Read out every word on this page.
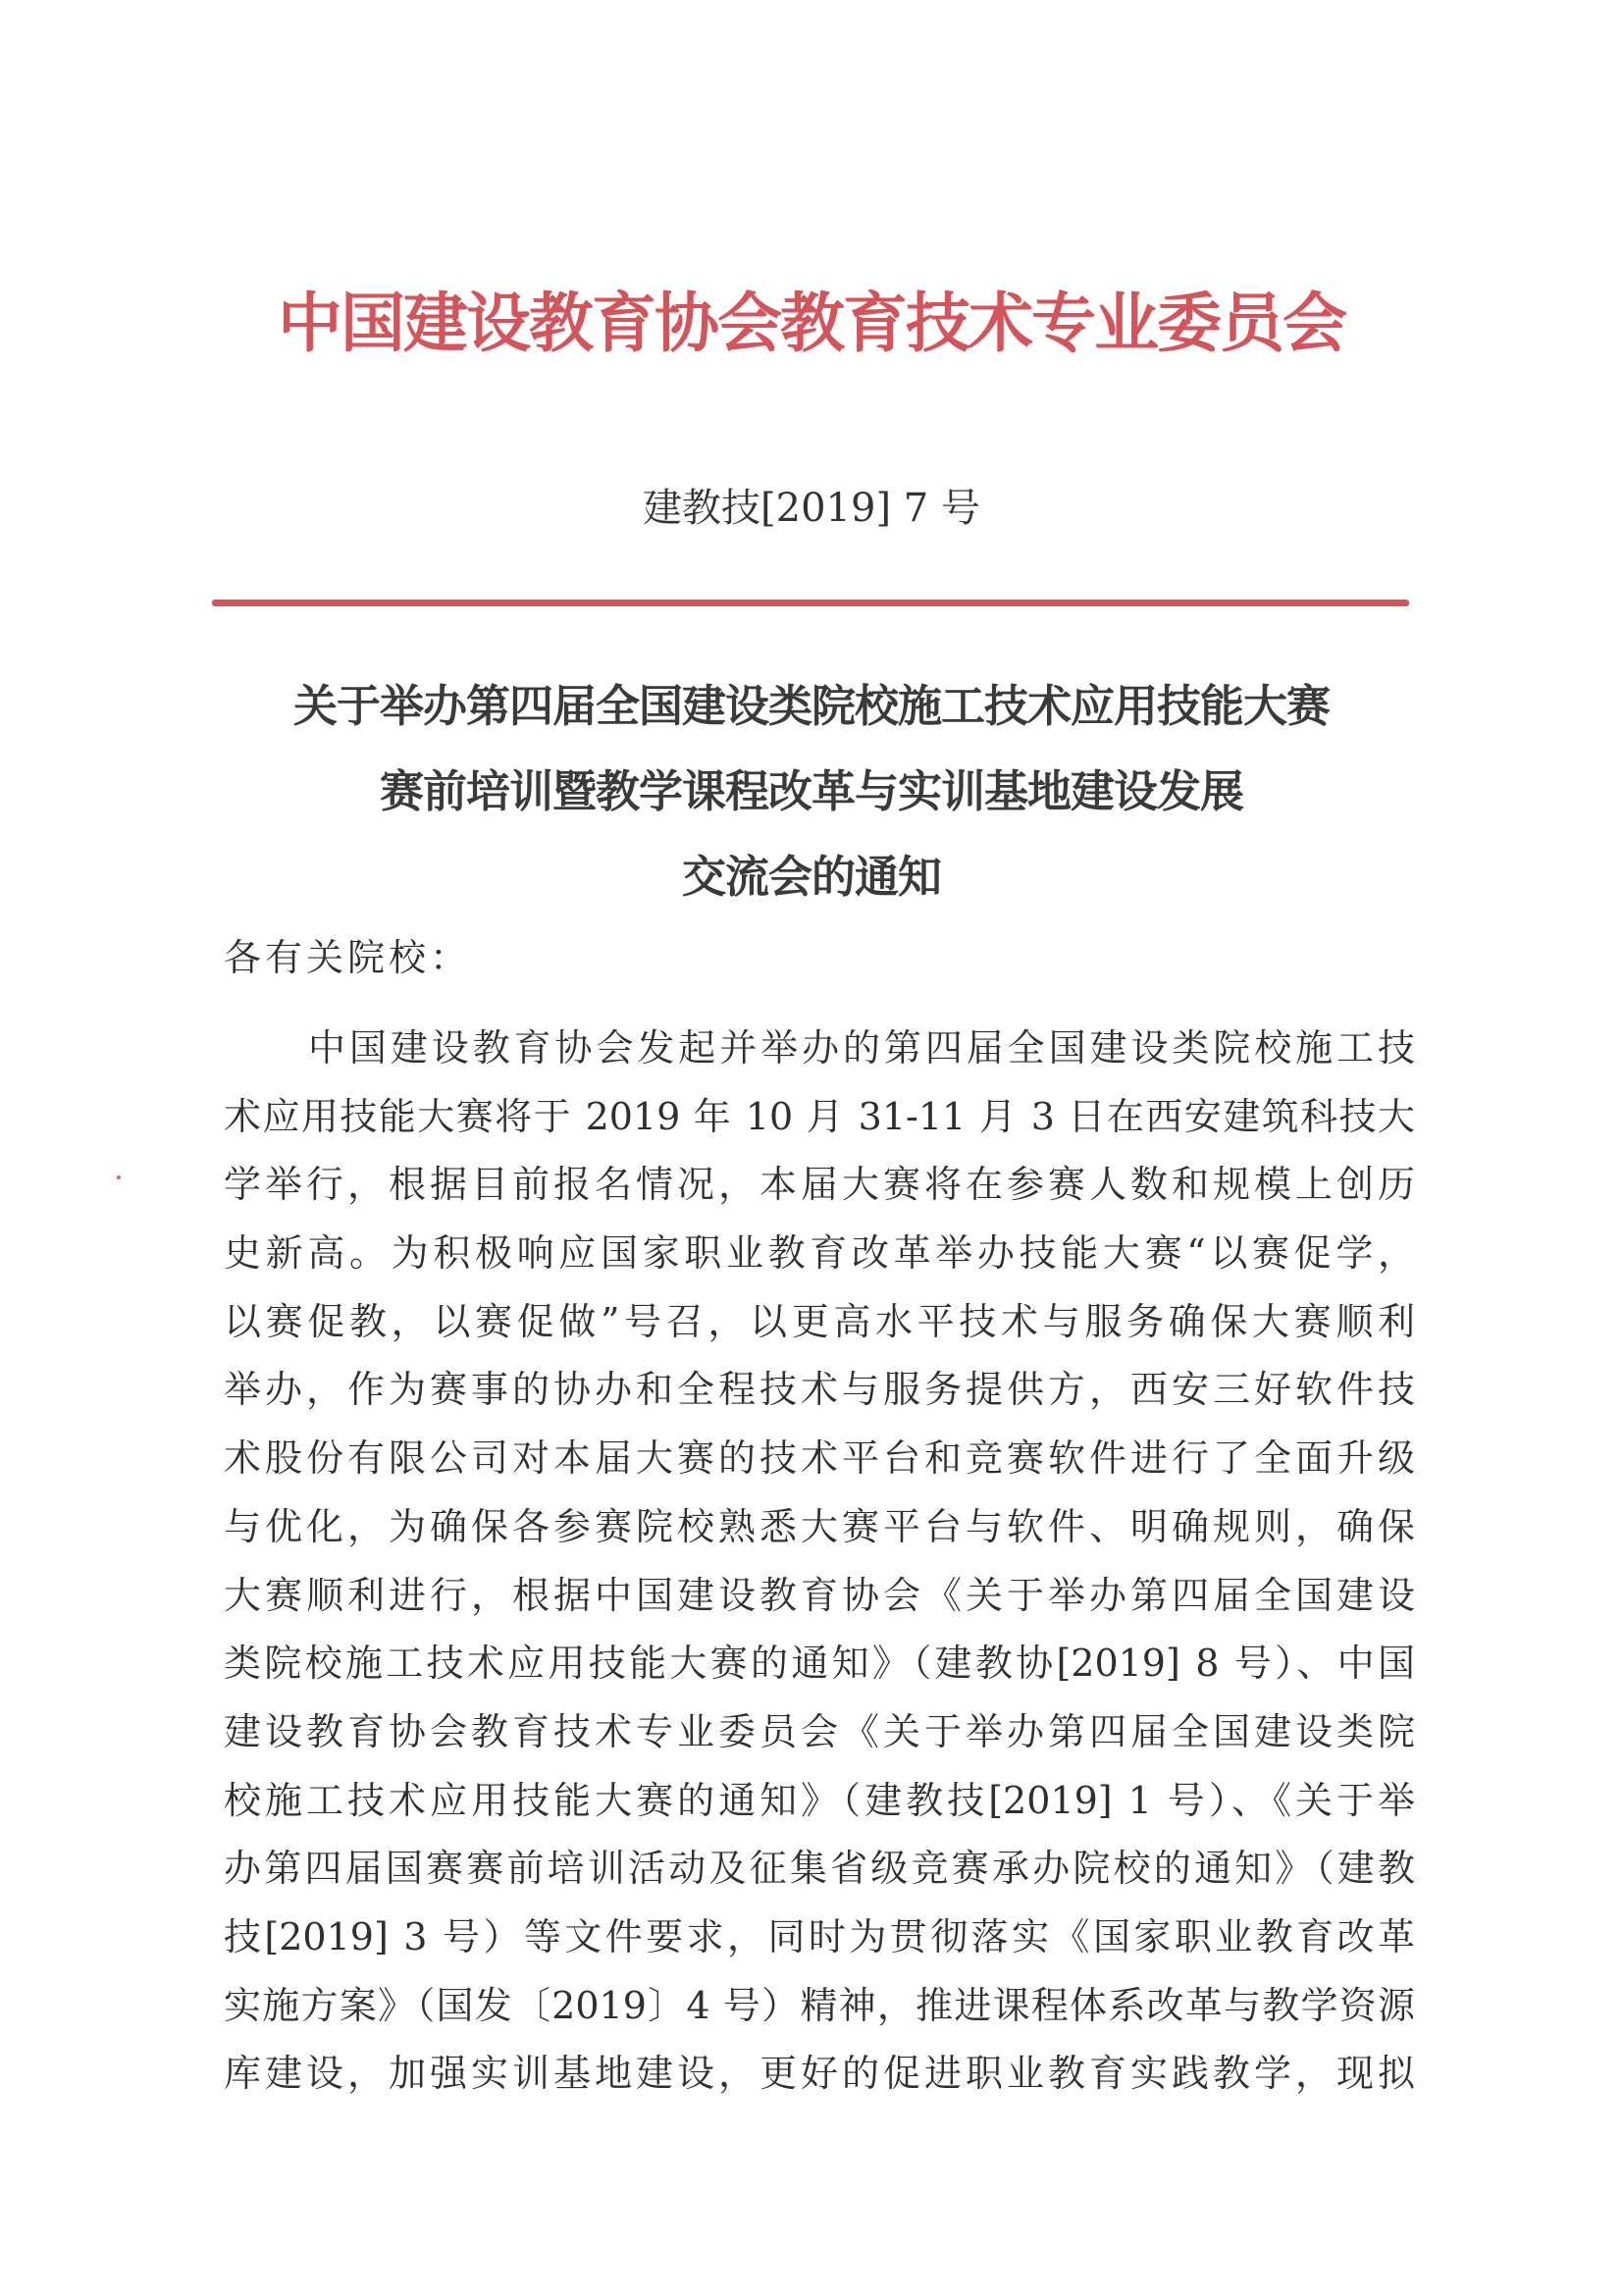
中国建设教育协会教育技术专业委员会
建教技[2019] 7 号
关于举办第四届全国建设类院校施工技术应用技能大赛
赛前培训暨教学课程改革与实训基地建设发展
交流会的通知
各有关院校：
中国建设教育协会发起并举办的第四届全国建设类院校施工技
术应用技能大赛将于 2019 年 10 月 31-11 月 3 日在西安建筑科技大
学举行，根据目前报名情况，本届大赛将在参赛人数和规模上创历
史新高。为积极响应国家职业教育改革举办技能大赛“以赛促学，
以赛促教，以赛促做”号召，以更高水平技术与服务确保大赛顺利
举办，作为赛事的协办和全程技术与服务提供方，西安三好软件技
术股份有限公司对本届大赛的技术平台和竞赛软件进行了全面升级
与优化，为确保各参赛院校熟悉大赛平台与软件、明确规则，确保
大赛顺利进行，根据中国建设教育协会《关于举办第四届全国建设
类院校施工技术应用技能大赛的通知》（建教协[2019] 8 号）、中国
建设教育协会教育技术专业委员会《关于举办第四届全国建设类院
校施工技术应用技能大赛的通知》（建教技[2019] 1 号）、《关于举
办第四届国赛赛前培训活动及征集省级竞赛承办院校的通知》（建教
技[2019] 3 号）等文件要求，同时为贯彻落实《国家职业教育改革
实施方案》（国发〔2019〕4 号）精神，推进课程体系改革与教学资源
库建设，加强实训基地建设，更好的促进职业教育实践教学，现拟
